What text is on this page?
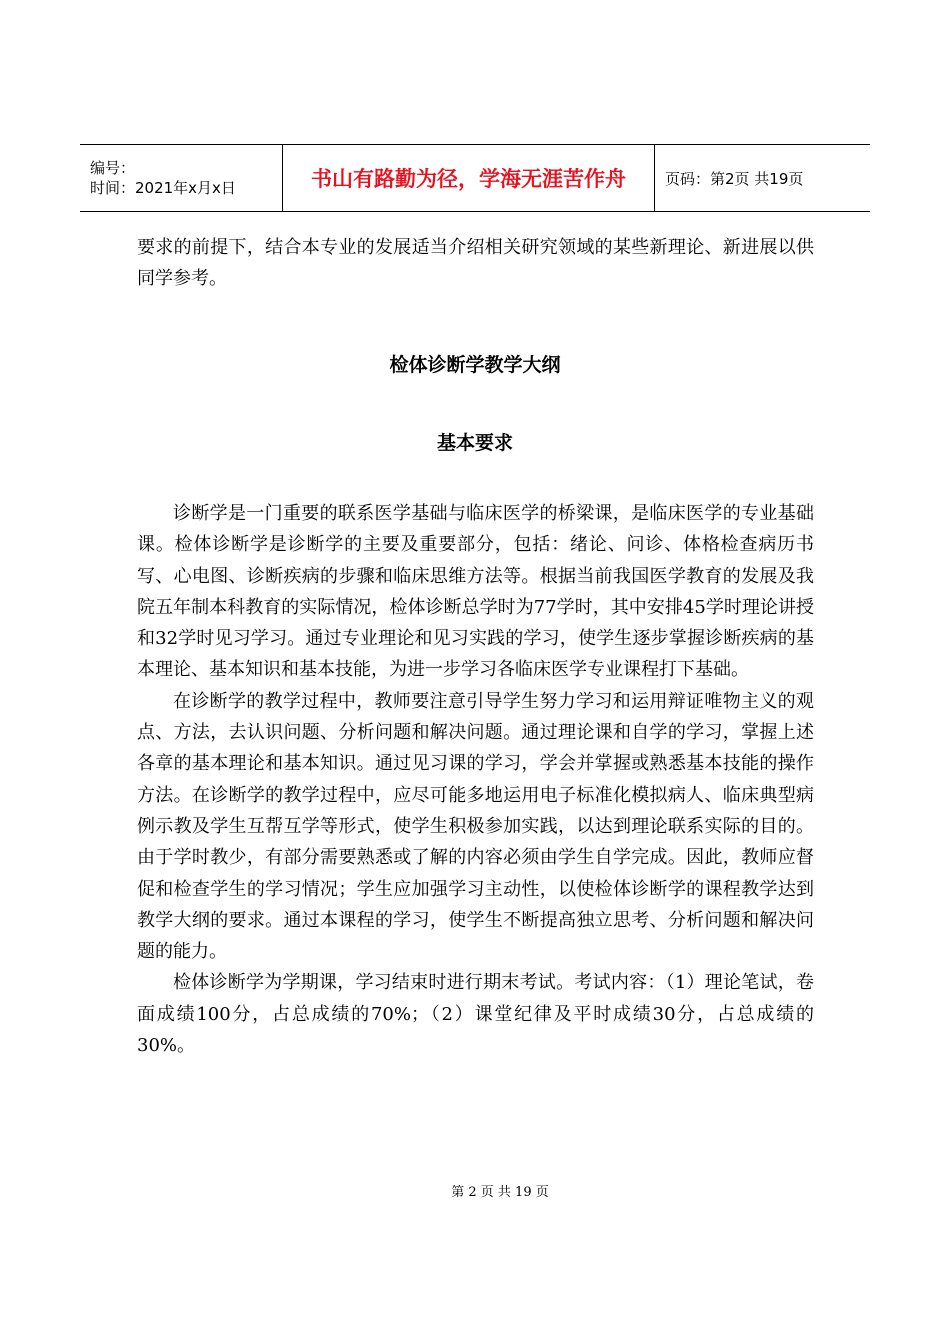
编号：
时间：2021年x月x日	书山有路勤为径，学海无涯苦作舟	页码：第2页 共19页

要求的前提下，结合本专业的发展适当介绍相关研究领域的某些新理论、新进展以供同学参考。

检体诊断学教学大纲
基本要求

诊断学是一门重要的联系医学基础与临床医学的桥梁课，是临床医学的专业基础课。检体诊断学是诊断学的主要及重要部分，包括：绪论、问诊、体格检查病历书写、心电图、诊断疾病的步骤和临床思维方法等。根据当前我国医学教育的发展及我院五年制本科教育的实际情况，检体诊断总学时为77学时，其中安排45学时理论讲授和32学时见习学习。通过专业理论和见习实践的学习，使学生逐步掌握诊断疾病的基本理论、基本知识和基本技能，为进一步学习各临床医学专业课程打下基础。

在诊断学的教学过程中，教师要注意引导学生努力学习和运用辩证唯物主义的观点、方法，去认识问题、分析问题和解决问题。通过理论课和自学的学习，掌握上述各章的基本理论和基本知识。通过见习课的学习，学会并掌握或熟悉基本技能的操作方法。在诊断学的教学过程中，应尽可能多地运用电子标准化模拟病人、临床典型病例示教及学生互帮互学等形式，使学生积极参加实践，以达到理论联系实际的目的。由于学时教少，有部分需要熟悉或了解的内容必须由学生自学完成。因此，教师应督促和检查学生的学习情况；学生应加强学习主动性，以使检体诊断学的课程教学达到教学大纲的要求。通过本课程的学习，使学生不断提高独立思考、分析问题和解决问题的能力。

检体诊断学为学期课，学习结束时进行期末考试。考试内容：（1）理论笔试，卷面成绩100分，占总成绩的70%；（2）课堂纪律及平时成绩30分，占总成绩的30%。

第 2 页 共 19 页
